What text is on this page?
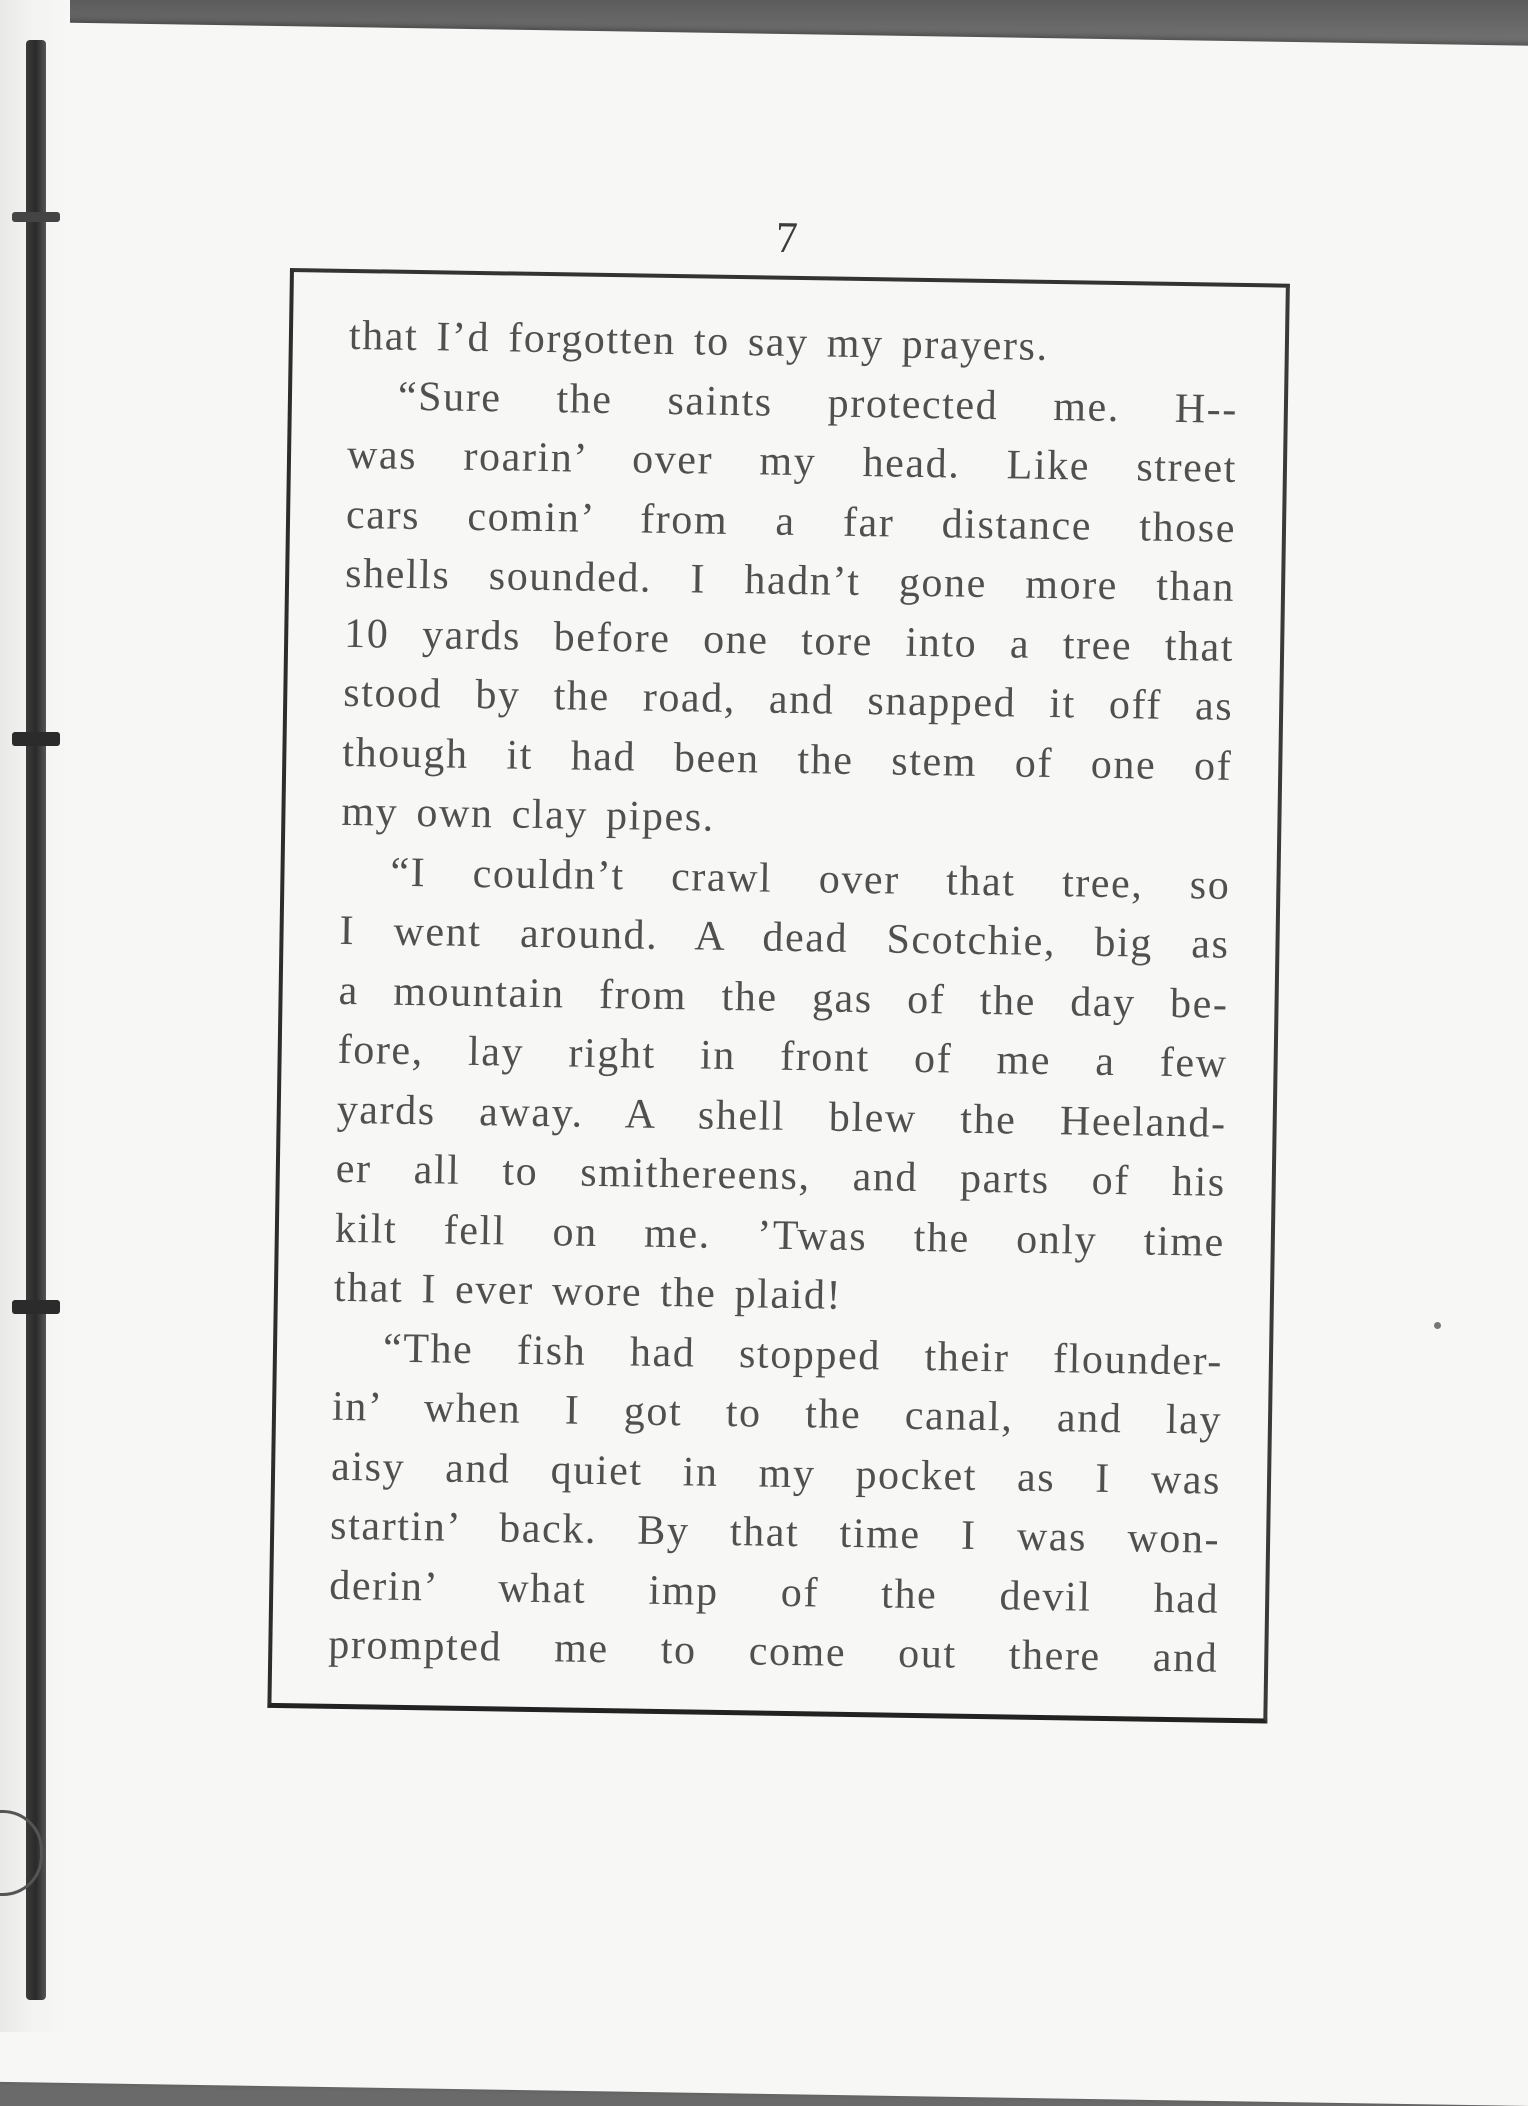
7
that I’d forgotten to say my prayers.
“Sure the saints protected me. H--
was roarin’ over my head. Like street
cars comin’ from a far distance those
shells sounded. I hadn’t gone more than
10 yards before one tore into a tree that
stood by the road, and snapped it off as
though it had been the stem of one of
my own clay pipes.
“I couldn’t crawl over that tree, so
I went around. A dead Scotchie, big as
a mountain from the gas of the day be-
fore, lay right in front of me a few
yards away. A shell blew the Heeland-
er all to smithereens, and parts of his
kilt fell on me. ’Twas the only time
that I ever wore the plaid!
“The fish had stopped their flounder-
in’ when I got to the canal, and lay
aisy and quiet in my pocket as I was
startin’ back. By that time I was won-
derin’ what imp of the devil had
prompted me to come out there and
